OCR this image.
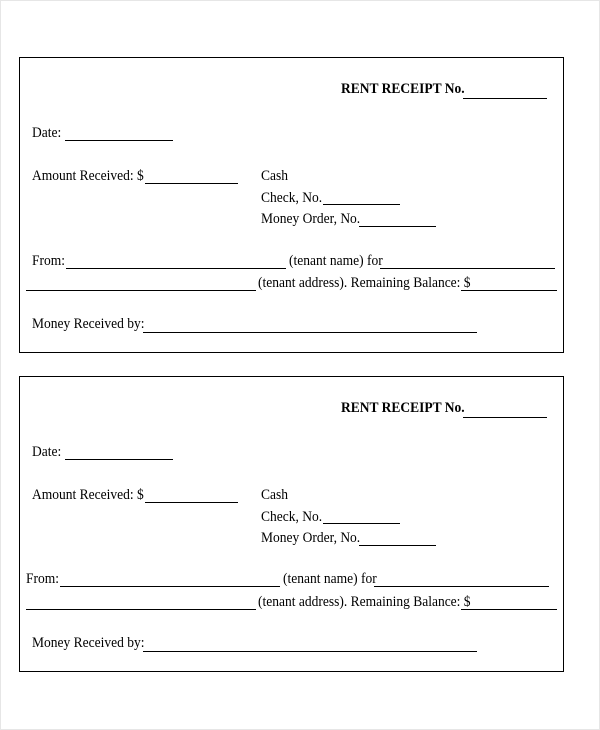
RENT RECEIPT No.
Date:
Amount Received: $	Cash
Check, No.
Money Order, No.
From:	(tenant name) for
(tenant address). Remaining Balance: $
Money Received by:
RENT RECEIPT No.
Date:
Amount Received: $	Cash
Check, No.
Money Order, No.
From:	(tenant name) for
(tenant address). Remaining Balance: $
Money Received by:
